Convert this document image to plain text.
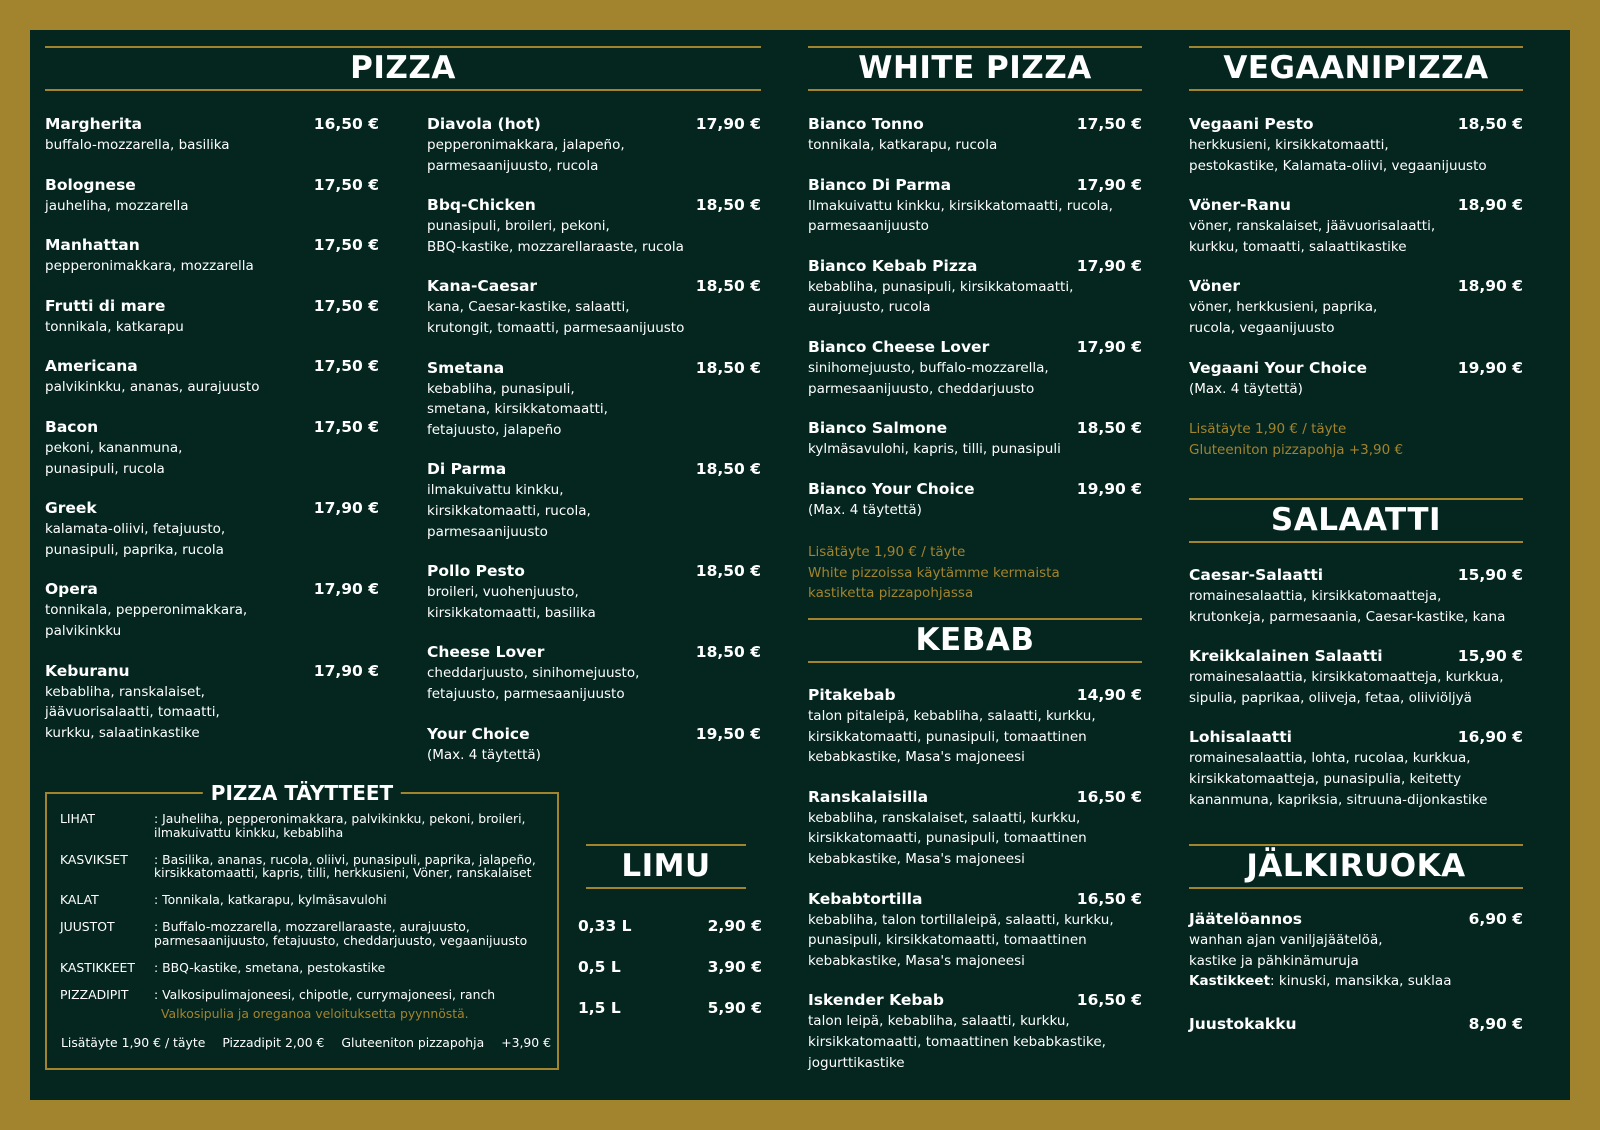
PIZZA
Margherita	16,50 €
buffalo-mozzarella, basilika
Bolognese	17,50 €
jauheliha, mozzarella
Manhattan	17,50 €
pepperonimakkara, mozzarella
Frutti di mare	17,50 €
tonnikala, katkarapu
Americana	17,50 €
palvikinkku, ananas, aurajuusto
Bacon	17,50 €
pekoni, kananmuna,
punasipuli, rucola
Greek	17,90 €
kalamata-oliivi, fetajuusto,
punasipuli, paprika, rucola
Opera	17,90 €
tonnikala, pepperonimakkara,
palvikinkku
Keburanu	17,90 €
kebabliha, ranskalaiset,
jäävuorisalaatti, tomaatti,
kurkku, salaatinkastike
Diavola (hot)	17,90 €
pepperonimakkara, jalapeño,
parmesaanijuusto, rucola
Bbq-Chicken	18,50 €
punasipuli, broileri, pekoni,
BBQ-kastike, mozzarellaraaste, rucola
Kana-Caesar	18,50 €
kana, Caesar-kastike, salaatti,
krutongit, tomaatti, parmesaanijuusto
Smetana	18,50 €
kebabliha, punasipuli,
smetana, kirsikkatomaatti,
fetajuusto, jalapeño
Di Parma	18,50 €
ilmakuivattu kinkku,
kirsikkatomaatti, rucola,
parmesaanijuusto
Pollo Pesto	18,50 €
broileri, vuohenjuusto,
kirsikkatomaatti, basilika
Cheese Lover	18,50 €
cheddarjuusto, sinihomejuusto,
fetajuusto, parmesaanijuusto
Your Choice	19,50 €
(Max. 4 täytettä)
PIZZA TÄYTTEET
LIHAT	: Jauheliha, pepperonimakkara, palvikinkku, pekoni, broileri,
ilmakuivattu kinkku, kebabliha
KASVIKSET	: Basilika, ananas, rucola, oliivi, punasipuli, paprika, jalapeño,
kirsikkatomaatti, kapris, tilli, herkkusieni, Vöner, ranskalaiset
KALAT	: Tonnikala, katkarapu, kylmäsavulohi
JUUSTOT	: Buffalo-mozzarella, mozzarellaraaste, aurajuusto,
parmesaanijuusto, fetajuusto, cheddarjuusto, vegaanijuusto
KASTIKKEET	: BBQ-kastike, smetana, pestokastike
PIZZADIPIT	: Valkosipulimajoneesi, chipotle, currymajoneesi, ranch
Valkosipulia ja oreganoa veloituksetta pyynnöstä.
Lisätäyte 1,90 € / täyte Pizzadipit 2,00 € Gluteeniton pizzapohja +3,90 €
LIMU
0,33 L	2,90 €
0,5 L	3,90 €
1,5 L	5,90 €
WHITE PIZZA
Bianco Tonno	17,50 €
tonnikala, katkarapu, rucola
Bianco Di Parma	17,90 €
Ilmakuivattu kinkku, kirsikkatomaatti, rucola,
parmesaanijuusto
Bianco Kebab Pizza	17,90 €
kebabliha, punasipuli, kirsikkatomaatti,
aurajuusto, rucola
Bianco Cheese Lover	17,90 €
sinihomejuusto, buffalo-mozzarella,
parmesaanijuusto, cheddarjuusto
Bianco Salmone	18,50 €
kylmäsavulohi, kapris, tilli, punasipuli
Bianco Your Choice	19,90 €
(Max. 4 täytettä)
Lisätäyte 1,90 € / täyte
White pizzoissa käytämme kermaista
kastiketta pizzapohjassa
KEBAB
Pitakebab	14,90 €
talon pitaleipä, kebabliha, salaatti, kurkku,
kirsikkatomaatti, punasipuli, tomaattinen
kebabkastike, Masa's majoneesi
Ranskalaisilla	16,50 €
kebabliha, ranskalaiset, salaatti, kurkku,
kirsikkatomaatti, punasipuli, tomaattinen
kebabkastike, Masa's majoneesi
Kebabtortilla	16,50 €
kebabliha, talon tortillaleipä, salaatti, kurkku,
punasipuli, kirsikkatomaatti, tomaattinen
kebabkastike, Masa's majoneesi
Iskender Kebab	16,50 €
talon leipä, kebabliha, salaatti, kurkku,
kirsikkatomaatti, tomaattinen kebabkastike,
jogurttikastike
VEGAANIPIZZA
Vegaani Pesto	18,50 €
herkkusieni, kirsikkatomaatti,
pestokastike, Kalamata-oliivi, vegaanijuusto
Vöner-Ranu	18,90 €
vöner, ranskalaiset, jäävuorisalaatti,
kurkku, tomaatti, salaattikastike
Vöner	18,90 €
vöner, herkkusieni, paprika,
rucola, vegaanijuusto
Vegaani Your Choice	19,90 €
(Max. 4 täytettä)
Lisätäyte 1,90 € / täyte
Gluteeniton pizzapohja +3,90 €
SALAATTI
Caesar-Salaatti	15,90 €
romainesalaattia, kirsikkatomaatteja,
krutonkeja, parmesaania, Caesar-kastike, kana
Kreikkalainen Salaatti	15,90 €
romainesalaattia, kirsikkatomaatteja, kurkkua,
sipulia, paprikaa, oliiveja, fetaa, oliiviöljyä
Lohisalaatti	16,90 €
romainesalaattia, lohta, rucolaa, kurkkua,
kirsikkatomaatteja, punasipulia, keitetty
kananmuna, kapriksia, sitruuna-dijonkastike
JÄLKIRUOKA
Jäätelöannos	6,90 €
wanhan ajan vaniljajäätelöä,
kastike ja pähkinämuruja
Kastikkeet: kinuski, mansikka, suklaa
Juustokakku	8,90 €
